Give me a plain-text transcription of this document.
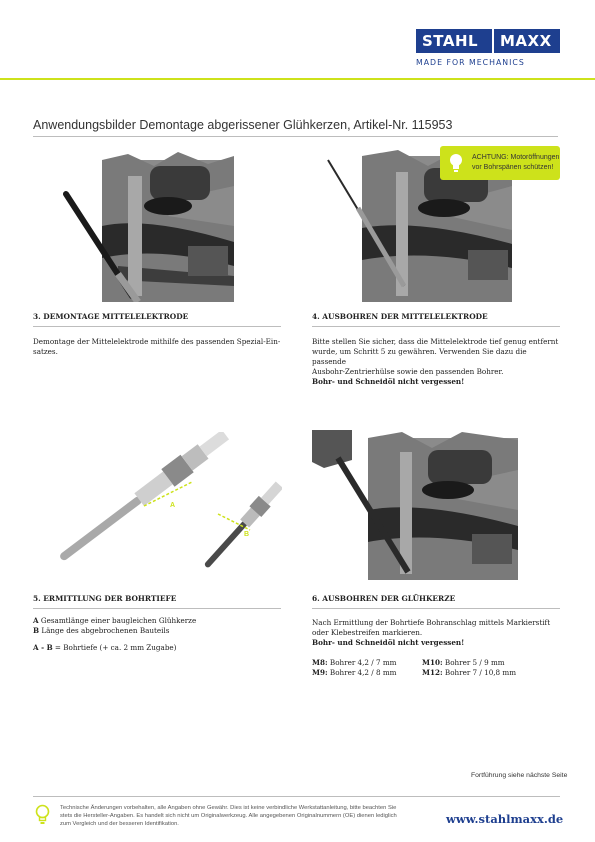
STAHL	MAXX
MADE FOR MECHANICS
Anwendungsbilder Demontage abgerissener Glühkerzen, Artikel-Nr. 115953
ACHTUNG: Motoröffnungen
vor Bohrspänen schützen!
3. DEMONTAGE MITTELELEKTRODE

Demontage der Mittelelektrode mithilfe des passenden Spezial-Ein-

satzes.

4. AUSBOHREN DER MITTELELEKTRODE

Bitte stellen Sie sicher, dass die Mittelelektrode tief genug entfernt

wurde, um Schritt 5 zu gewähren. Verwenden Sie dazu die passende

Ausbohr-Zentrierhülse sowie den passenden Bohrer.

Bohr- und Schneidöl nicht vergessen!

A
B
5. ERMITTLUNG DER BOHRTIEFE

A Gesamtlänge einer baugleichen Glühkerze

B Länge des abgebrochenen Bauteils

A - B = Bohrtiefe (+ ca. 2 mm Zugabe)

6. AUSBOHREN DER GLÜHKERZE

Nach Ermittlung der Bohrtiefe Bohranschlag mittels Markierstift

oder Klebestreifen markieren.

Bohr- und Schneidöl nicht vergessen!

M8: Bohrer 4,2 / 7 mm	M10: Bohrer 5 / 9 mm
M9: Bohrer 4,2 / 8 mm	M12: Bohrer 7 / 10,8 mm
Fortführung siehe nächste Seite
Technische Änderungen vorbehalten, alle Angaben ohne Gewähr. Dies ist keine verbindliche Werkstattanleitung, bitte beachten Sie
stets die Hersteller-Angaben. Es handelt sich nicht um Originalwerkzeug. Alle angegebenen Originalnummern (OE) dienen lediglich
zum Vergleich und der besseren Identifikation.	www.stahlmaxx.de
